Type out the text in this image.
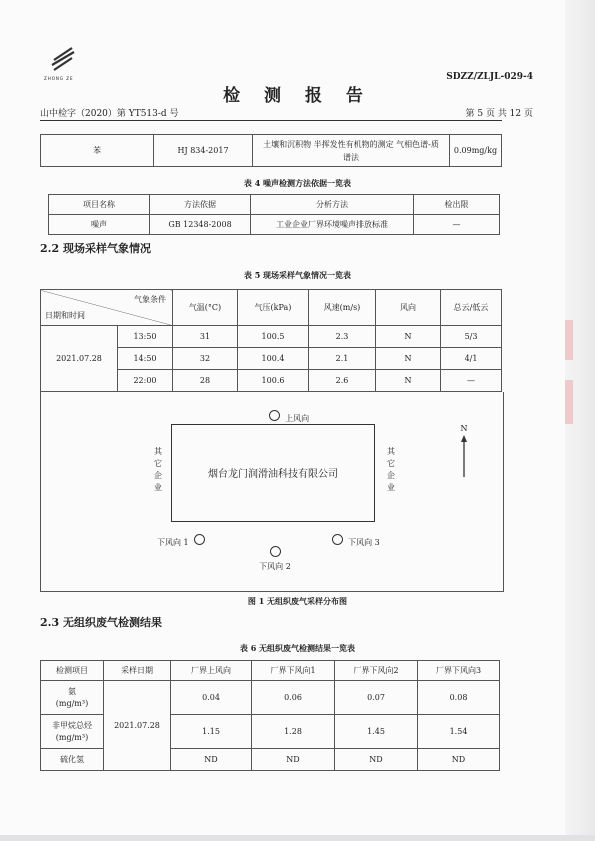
ZHONG ZE
检 测 报 告
SDZZ/ZLJL-029-4
山中检字（2020）第 YT513-d 号	第 5 页 共 12 页
苯	HJ 834-2017	土壤和沉积物 半挥发性有机物的测定 气相色谱-质谱法	0.09mg/kg
表 4 噪声检测方法依据一览表
项目名称	方法依据	分析方法	检出限
噪声	GB 12348-2008	工业企业厂界环境噪声排放标准	—
2.2 现场采样气象情况
表 5 现场采样气象情况一览表
气象条件
日期和时间		气温(°C)	气压(kPa)	风速(m/s)	风向	总云/低云
2021.07.28	13:50	31	100.5	2.3	N	5/3
	14:50	32	100.4	2.1	N	4/1
	22:00	28	100.6	2.6	N	—
上风向
烟台龙门润滑油科技有限公司
其
它
企
业
其
它
企
业
N
下风向 1
下风向 2
下风向 3
图 1 无组织废气采样分布图
2.3 无组织废气检测结果
表 6 无组织废气检测结果一览表
检测项目	采样日期	厂界上风向	厂界下风向1	厂界下风向2	厂界下风向3

氨
(mg/m³)	2021.07.28	0.04	0.06	0.07	0.08

非甲烷总烃
(mg/m³)		1.15	1.28	1.45	1.54
硫化氢		ND	ND	ND	ND
